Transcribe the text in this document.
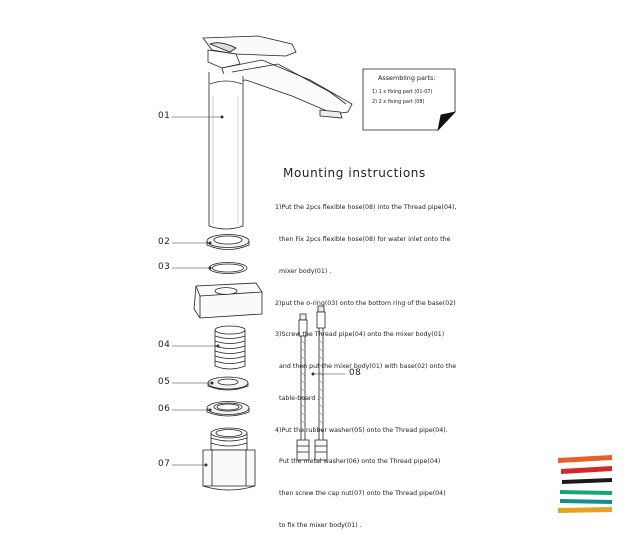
01
02
03
04
05
06
07
08
Assembling parts:
1) 1 x fixing part (01-07)
2) 2 x fixing part (08)
Mounting instructions

1)Put the 2pcs flexible hose(08) into the Thread pipe(04),

then Fix 2pcs flexible hose(08) for water inlet onto the

mixer body(01) .

2)put the o-ring(03) onto the bottom ring of the base(02)

3)Screw the Thread pipe(04) onto the mixer body(01)

and then put the mixer body(01) with base(02) onto the

table-board .

4)Put the rubber washer(05) onto the Thread pipe(04).

Put the metal washer(06) onto the Thread pipe(04)

then screw the cap nut(07) onto the Thread pipe(04)

to fix the mixer body(01) .
